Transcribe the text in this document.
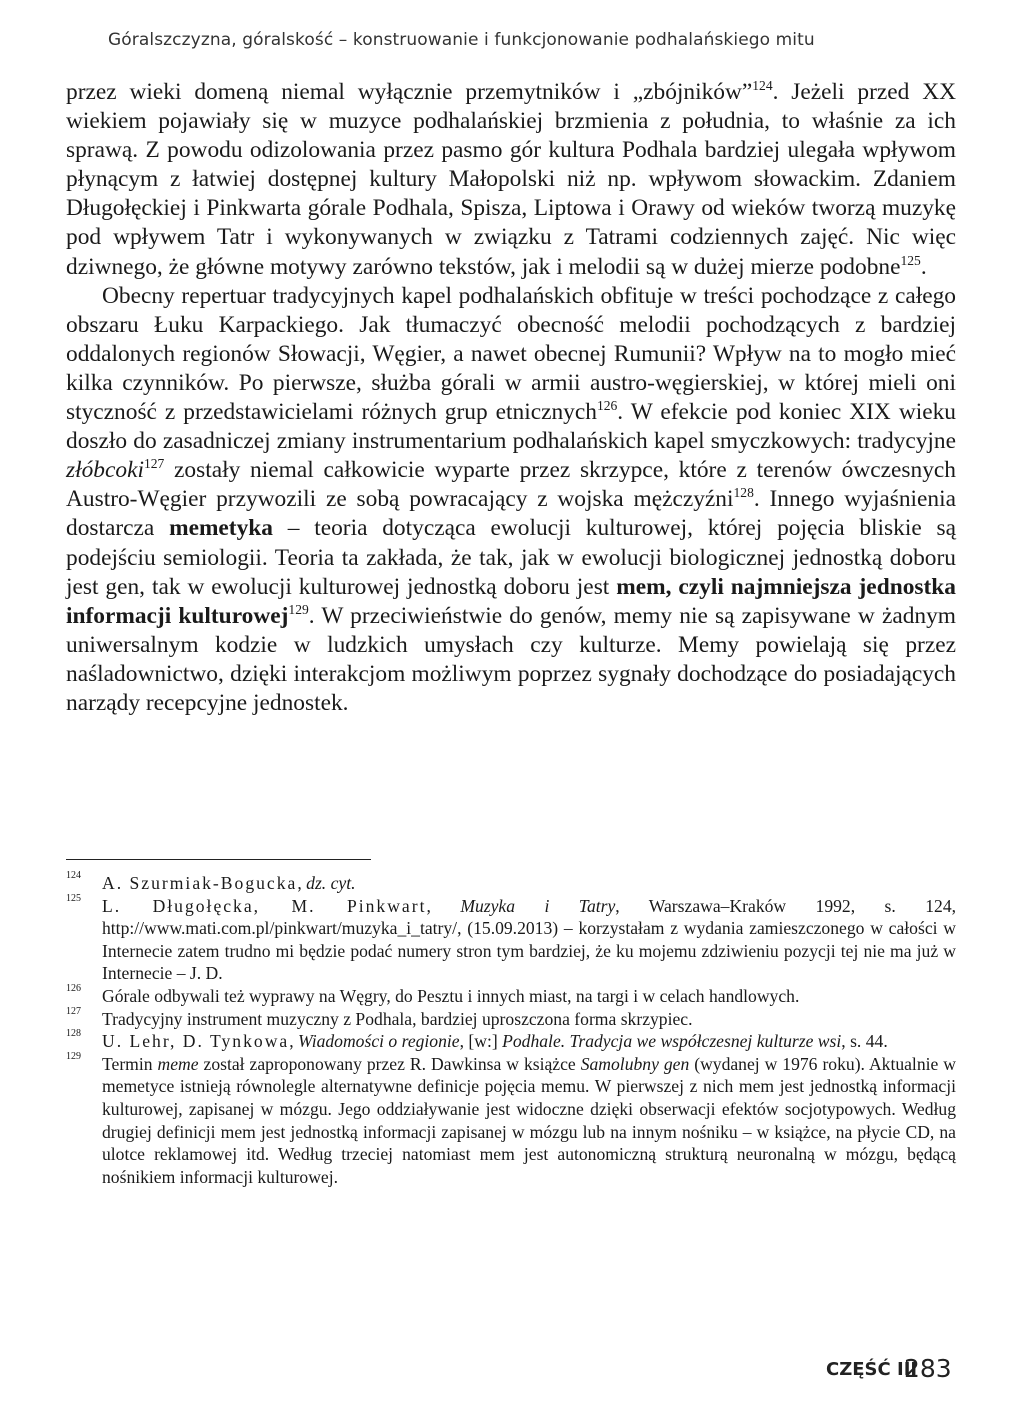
Góralszczyzna, góralskość – konstruowanie i funkcjonowanie podhalańskiego mitu

przez wieki domeną niemal wyłącznie przemytników i „zbójników”$^{124}$. Jeżeli przed XX wiekiem pojawiały się w muzyce podhalańskiej brzmienia z południa, to właśnie za ich sprawą. Z powodu odizolowania przez pasmo gór kultura Podhala bardziej ulegała wpływom płynącym z łatwiej dostępnej kultury Małopolski niż np. wpływom słowackim. Zdaniem Długołęckiej i Pinkwarta górale Podhala, Spisza, Liptowa i Orawy od wieków tworzą muzykę pod wpływem Tatr i wykonywanych w związku z Tatrami codziennych zajęć. Nic więc dziwnego, że główne motywy zarówno tekstów, jak i melodii są w dużej mierze podobne$^{125}$.

Obecny repertuar tradycyjnych kapel podhalańskich obfituje w treści pochodzące z całego obszaru Łuku Karpackiego. Jak tłumaczyć obecność melodii pochodzących z bardziej oddalonych regionów Słowacji, Węgier, a nawet obecnej Rumunii? Wpływ na to mogło mieć kilka czynników. Po pierwsze, służba górali w armii austro-węgierskiej, w której mieli oni styczność z przedstawicielami różnych grup etnicznych$^{126}$. W efekcie pod koniec XIX wieku doszło do zasadniczej zmiany instrumentarium podhalańskich kapel smyczkowych: tradycyjne złóbcoki$^{127}$ zostały niemal całkowicie wyparte przez skrzypce, które z terenów ówczesnych Austro-Węgier przywozili ze sobą powracający z wojska mężczyźni$^{128}$. Innego wyjaśnienia dostarcza memetyka – teoria dotycząca ewolucji kulturowej, której pojęcia bliskie są podejściu semiologii. Teoria ta zakłada, że tak, jak w ewolucji biologicznej jednostką doboru jest gen, tak w ewolucji kulturowej jednostką doboru jest mem, czyli najmniejsza jednostka informacji kulturowej$^{129}$. W przeciwieństwie do genów, memy nie są zapisywane w żadnym uniwersalnym kodzie w ludzkich umysłach czy kulturze. Memy powielają się przez naśladownictwo, dzięki interakcjom możliwym poprzez sygnały dochodzące do posiadających narządy recepcyjne jednostek.

124 A. Szurmiak-Bogucka, dz. cyt.

125 L. Długołęcka, M. Pinkwart, Muzyka i Tatry, Warszawa–Kraków 1992, s. 124, http://www.mati.com.pl/pinkwart/muzyka_i_tatry/, (15.09.2013) – korzystałam z wydania zamieszczonego w całości w Internecie zatem trudno mi będzie podać numery stron tym bardziej, że ku mojemu zdziwieniu pozycji tej nie ma już w Internecie – J. D.

126 Górale odbywali też wyprawy na Węgry, do Pesztu i innych miast, na targi i w celach handlowych.

127 Tradycyjny instrument muzyczny z Podhala, bardziej uproszczona forma skrzypiec.

128 U. Lehr, D. Tynkowa, Wiadomości o regionie, [w:] Podhale. Tradycja we współczesnej kulturze wsi, s. 44.

129 Termin meme został zaproponowany przez R. Dawkinsa w książce Samolubny gen (wydanej w 1976 roku). Aktualnie w memetyce istnieją równolegle alternatywne definicje pojęcia memu. W pierwszej z nich mem jest jednostką informacji kulturowej, zapisanej w mózgu. Jego oddziaływanie jest widoczne dzięki obserwacji efektów socjotypowych. Według drugiej definicji mem jest jednostką informacji zapisanej w mózgu lub na innym nośniku – w książce, na płycie CD, na ulotce reklamowej itd. Według trzeciej natomiast mem jest autonomiczną strukturą neuronalną w mózgu, będącą nośnikiem informacji kulturowej.

CZĘŚĆ III
283
